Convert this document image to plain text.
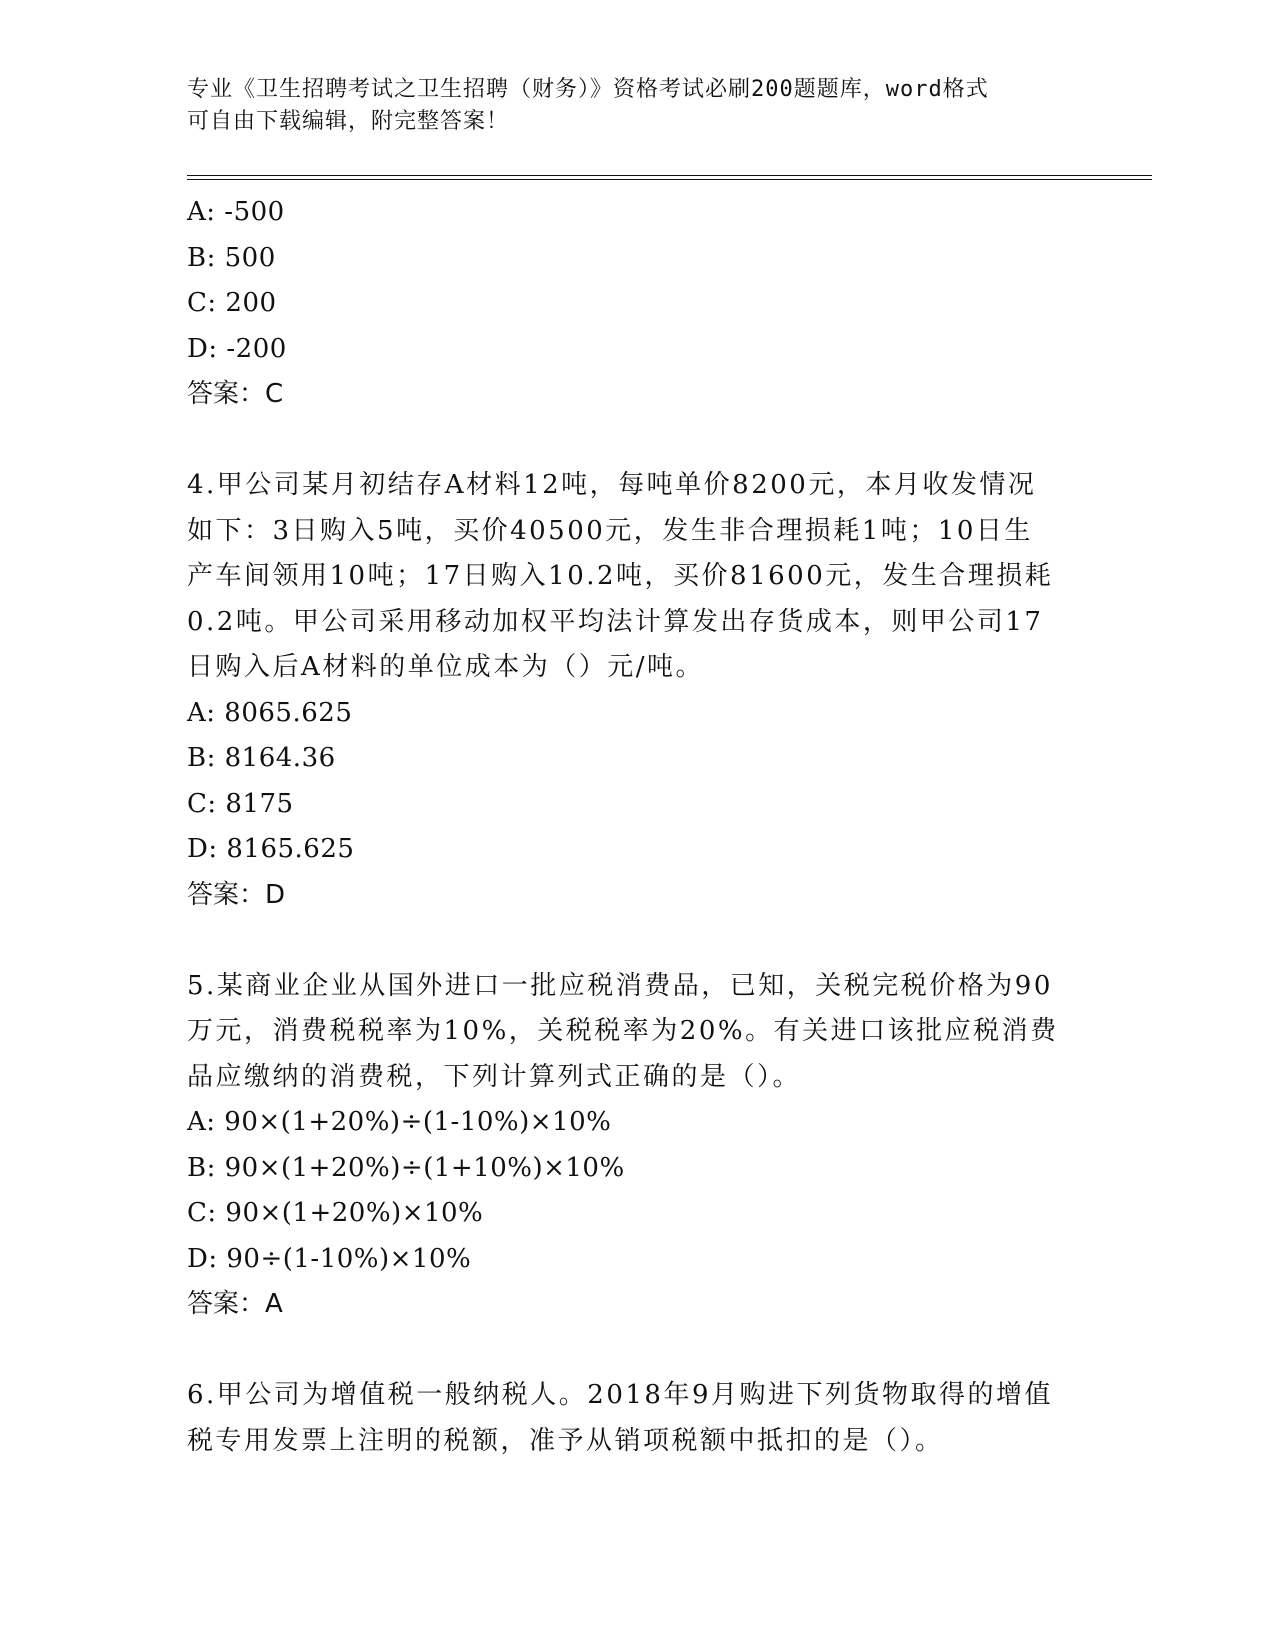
专业《卫生招聘考试之卫生招聘（财务）》资格考试必刷200题题库，word格式
可自由下载编辑，附完整答案！
A: -500
B: 500
C: 200
D: -200
答案：C
4.甲公司某月初结存A材料12吨，每吨单价8200元，本月收发情况
如下：3日购入5吨，买价40500元，发生非合理损耗1吨；10日生
产车间领用10吨；17日购入10.2吨，买价81600元，发生合理损耗
0.2吨。甲公司采用移动加权平均法计算发出存货成本，则甲公司17
日购入后A材料的单位成本为（）元/吨。
A: 8065.625
B: 8164.36
C: 8175
D: 8165.625
答案：D
5.某商业企业从国外进口一批应税消费品，已知，关税完税价格为90
万元，消费税税率为10%，关税税率为20%。有关进口该批应税消费
品应缴纳的消费税，下列计算列式正确的是（）。
A: 90×(1+20%)÷(1-10%)×10%
B: 90×(1+20%)÷(1+10%)×10%
C: 90×(1+20%)×10%
D: 90÷(1-10%)×10%
答案：A
6.甲公司为增值税一般纳税人。2018年9月购进下列货物取得的增值
税专用发票上注明的税额，准予从销项税额中抵扣的是（）。
